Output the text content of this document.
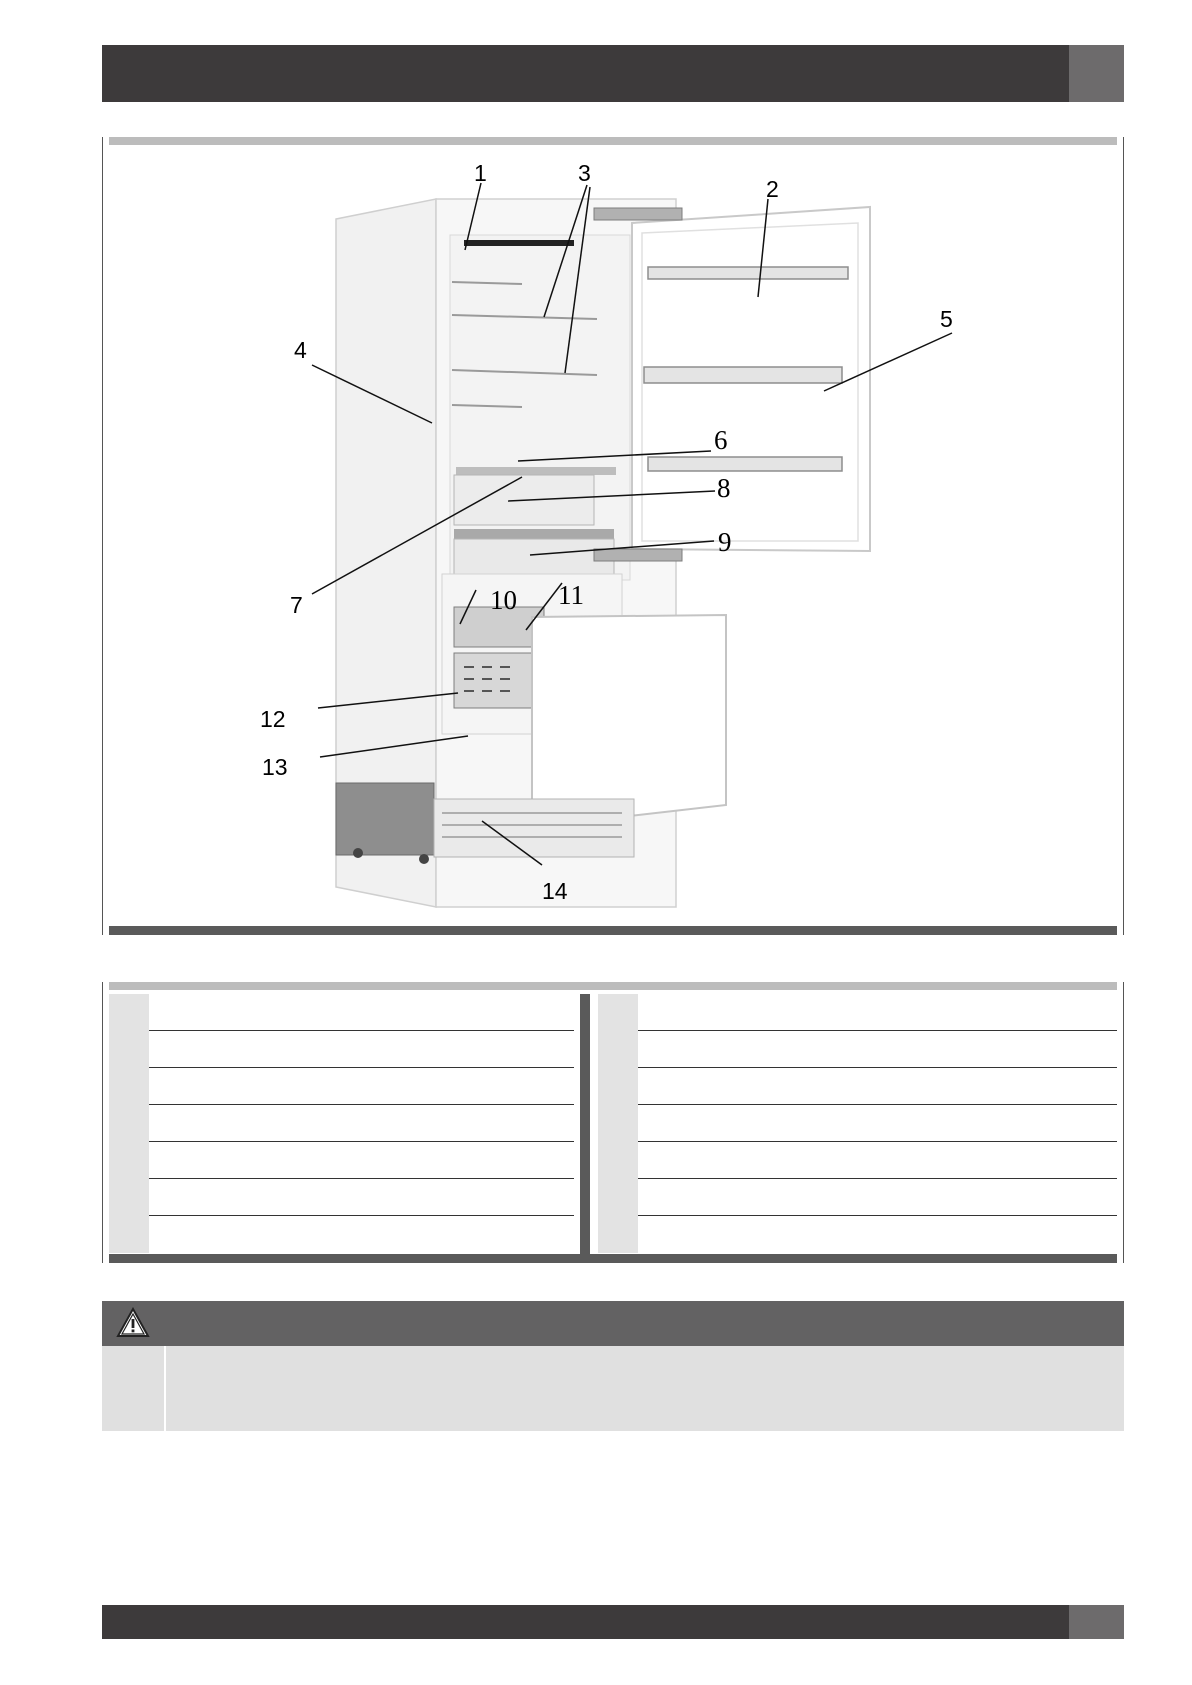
1
2
3
4
5
6
7
8
9
10 11
12
13
14
